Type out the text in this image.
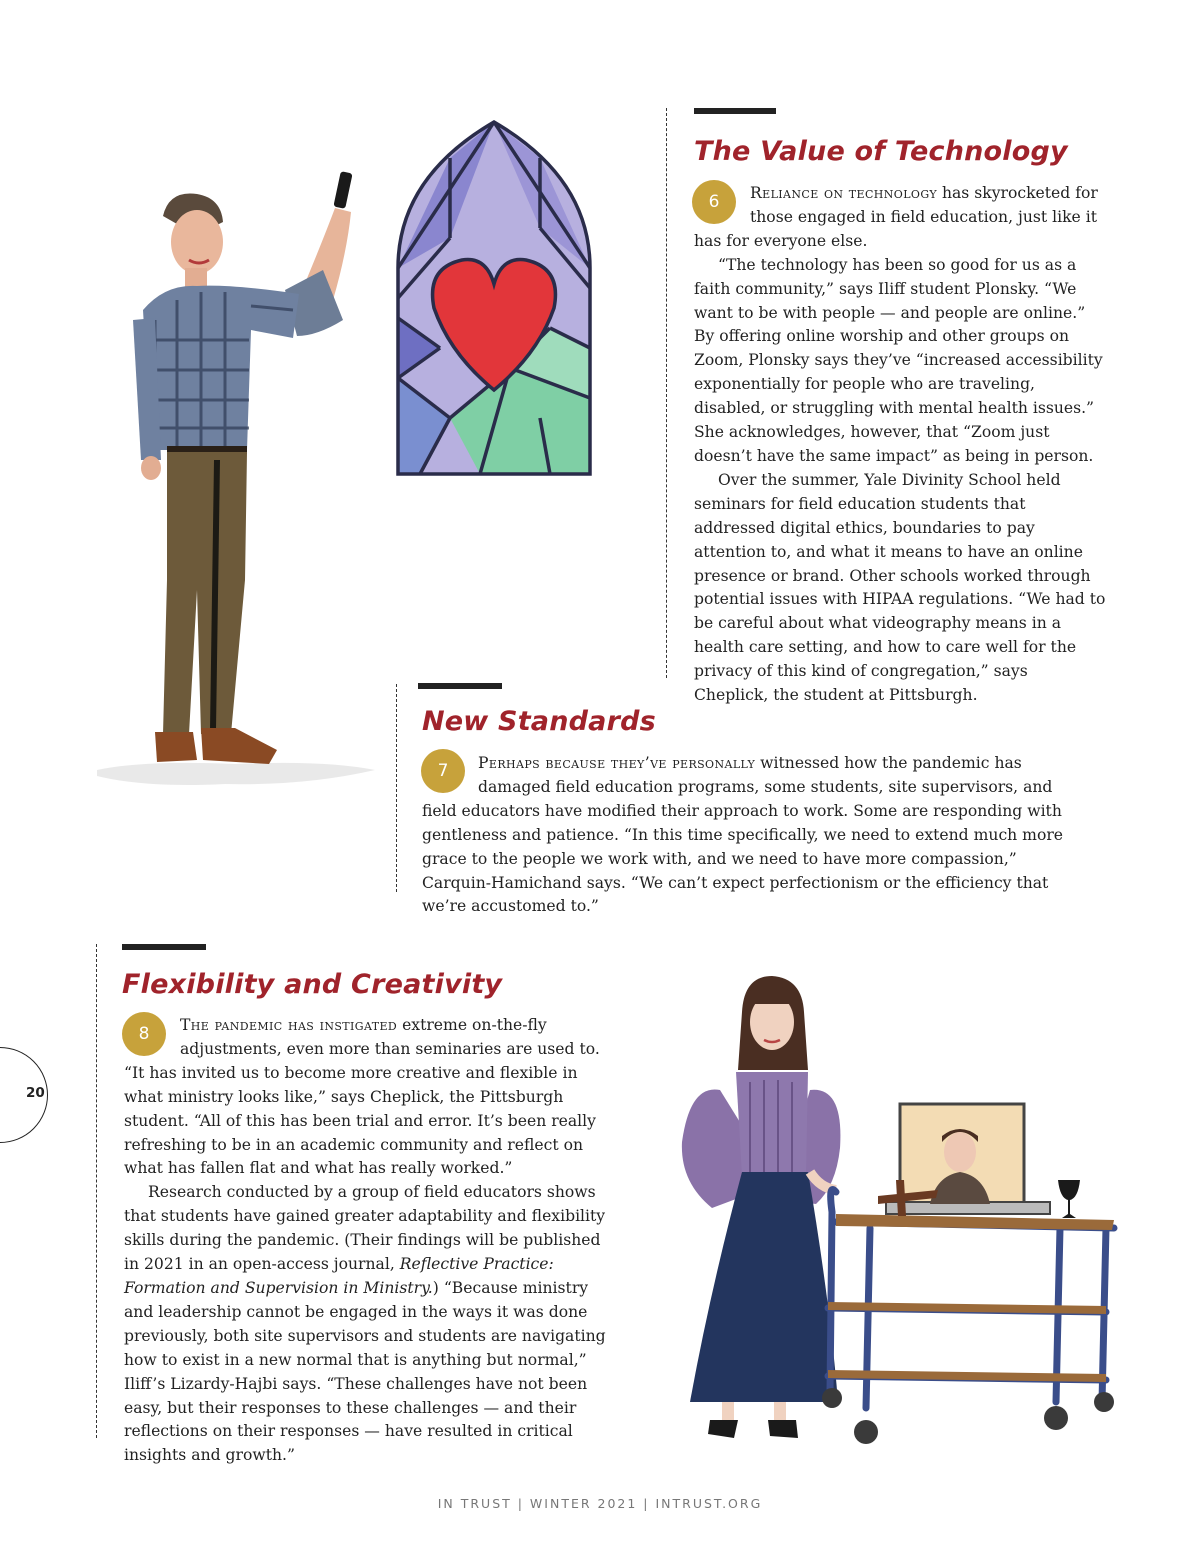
The Value of Technology
6	Reliance on technology has skyrocketed for those engaged in field education, just like it has for everyone else.

“The technology has been so good for us as a faith community,” says Iliff student Plonsky. “We want to be with people — and people are online.” By offering online worship and other groups on Zoom, Plonsky says they’ve “increased accessibility exponentially for people who are traveling, disabled, or struggling with mental health issues.” She acknowledges, however, that “Zoom just doesn’t have the same impact” as being in person.

Over the summer, Yale Divinity School held seminars for field education students that addressed digital ethics, boundaries to pay attention to, and what it means to have an online presence or brand. Other schools worked through potential issues with HIPAA regulations. “We had to be careful about what videography means in a health care setting, and how to care well for the privacy of this kind of congregation,” says Cheplick, the student at Pittsburgh.

New Standards
7	Perhaps because they’ve personally witnessed how the pandemic has damaged field education programs, some students, site supervisors, and field educators have modified their approach to work. Some are responding with gentleness and patience. “In this time specifically, we need to extend much more grace to the people we work with, and we need to have more compassion,” Carquin-Hamichand says. “We can’t expect perfectionism or the efficiency that we’re accustomed to.”

Flexibility and Creativity
8	The pandemic has instigated extreme on-the-fly adjustments, even more than seminaries are used to. “It has invited us to become more creative and flexible in what ministry looks like,” says Cheplick, the Pittsburgh student. “All of this has been trial and error. It’s been really refreshing to be in an academic community and reflect on what has fallen flat and what has really worked.”

Research conducted by a group of field educators shows that students have gained greater adaptability and flexibility skills during the pandemic. (Their findings will be published in 2021 in an open-access journal, Reflective Practice: Formation and Supervision in Ministry.) “Because ministry and leadership cannot be engaged in the ways it was done previously, both site supervisors and students are navigating how to exist in a new normal that is anything but normal,” Iliff’s Lizardy-Hajbi says. “These challenges have not been easy, but their responses to these challenges — and their reflections on their responses — have resulted in critical insights and growth.”

20
IN TRUST | WINTER 2021 | INTRUST.ORG
